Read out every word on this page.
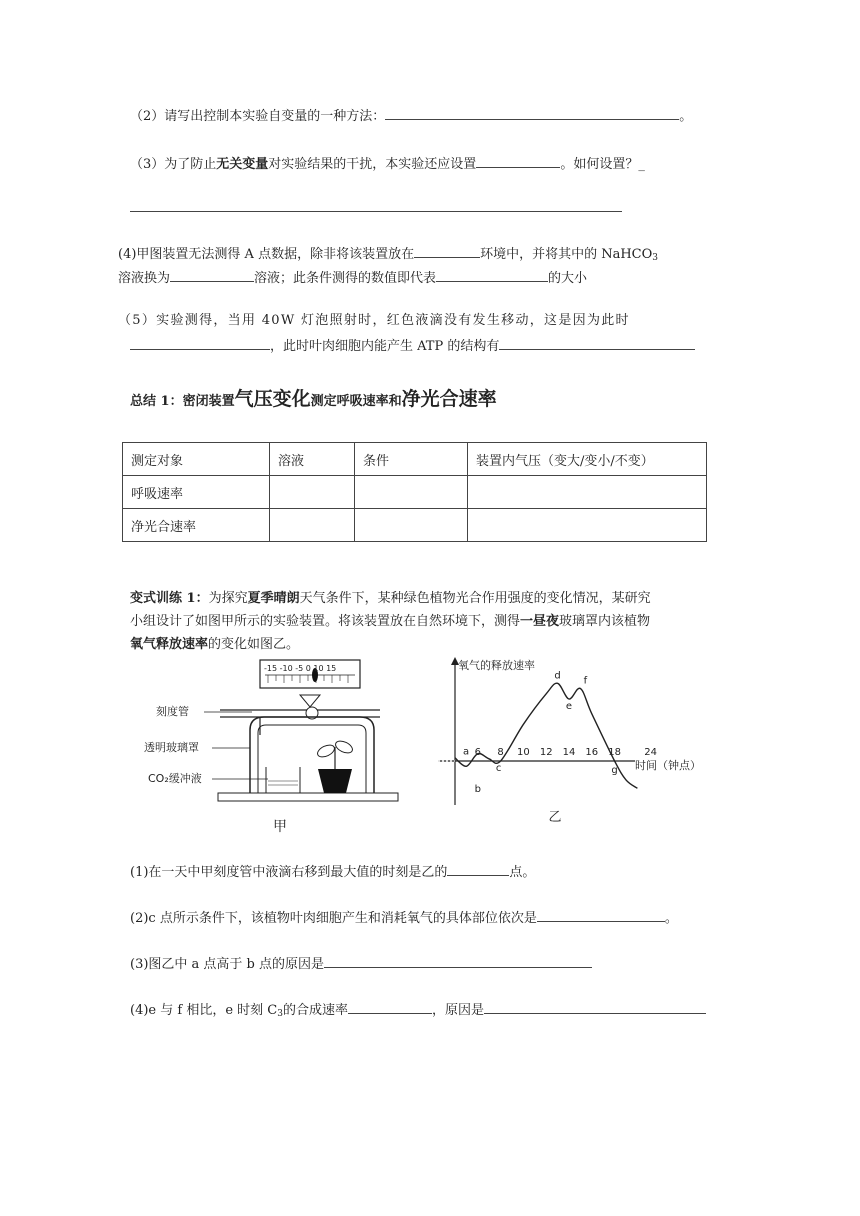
（2）请写出控制本实验自变量的一种方法：	。
（3）为了防止无关变量对实验结果的干扰，本实验还应设置	。如何设置？_
(4)甲图装置无法测得 A 点数据，除非将该装置放在	环境中，并将其中的 NaHCO$_3$
溶液换为	溶液；此条件测得的数值即代表	的大小
（5）实验测得，当用 40W 灯泡照射时，红色液滴没有发生移动，这是因为此时
，此时叶肉细胞内能产生 ATP 的结构有
总结 1：密闭装置气压变化测定呼吸速率和净光合速率
测定对象	溶液	条件	装置内气压（变大/变小/不变）
呼吸速率			
净光合速率			
变式训练 1：为探究夏季晴朗天气条件下，某种绿色植物光合作用强度的变化情况，某研究
小组设计了如图甲所示的实验装置。将该装置放在自然环境下，测得一昼夜玻璃罩内该植物
氧气释放速率的变化如图乙。
-15 -10 -5 0 10 15
刻度管
透明玻璃罩
CO₂缓冲液
甲
氧气的释放速率
时间（钟点）
6 8 10 12 14 16 18 24
a
b
c
d
e
f
g
乙
(1)在一天中甲刻度管中液滴右移到最大值的时刻是乙的	点。
(2)c 点所示条件下，该植物叶肉细胞产生和消耗氧气的具体部位依次是	。
(3)图乙中 a 点高于 b 点的原因是
(4)e 与 f 相比，e 时刻 $C_3$的合成速率	，原因是
